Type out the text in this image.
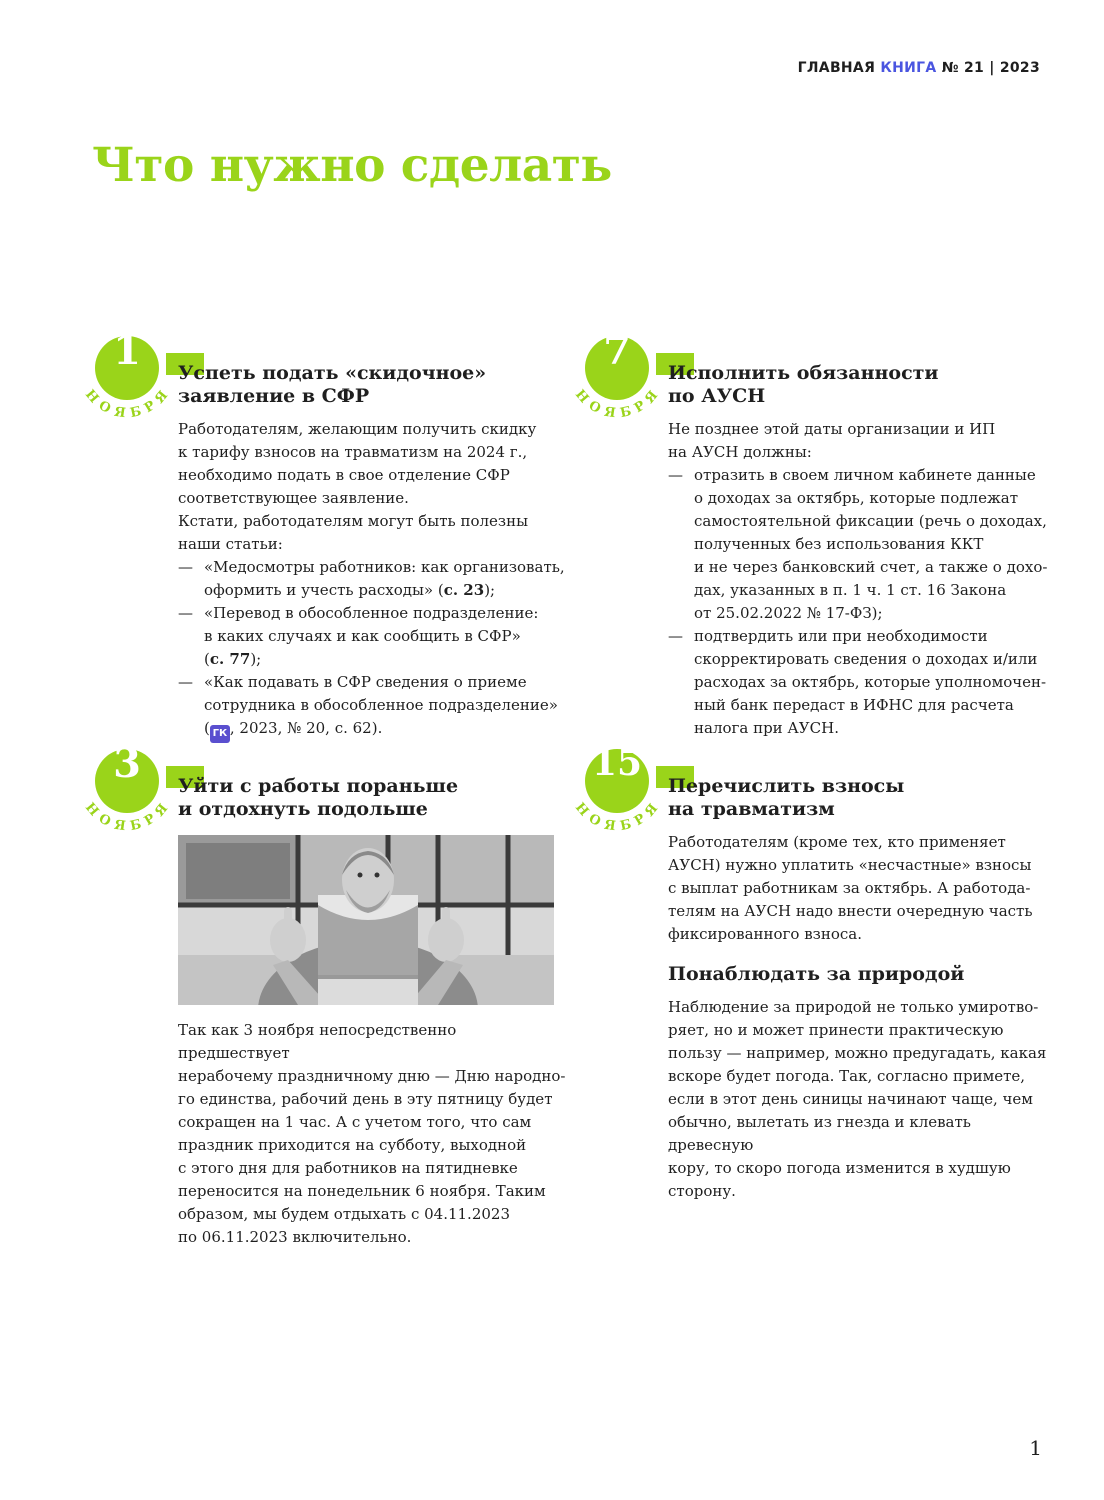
ГЛАВНАЯ КНИГА № 21 | 2023
Что нужно сделать
НОЯБРЯ
1	Успеть подать «скидочное»
заявление в СФР

Работодателям, желающим получить скидку
к тарифу взносов на травматизм на 2024 г.,
необходимо подать в свое отделение СФР
соответствующее заявление.

Кстати, работодателям могут быть полезны
наши статьи:

— «Медосмотры работников: как организовать,
оформить и учесть расходы» (с. 23);
— «Перевод в обособленное подразделение:
в каких случаях и как сообщить в СФР»
(с. 77);
— «Как подавать в СФР сведения о приеме
сотрудника в обособленное подразделение»
( ГК , 2023, № 20, с. 62).
НОЯБРЯ
7	Исполнить обязанности
по АУСН

Не позднее этой даты организации и ИП
на АУСН должны:

— отразить в своем личном кабинете данные
о доходах за октябрь, которые подлежат
самостоятельной фиксации (речь о доходах,
полученных без использования ККТ
и не через банковский счет, а также о дохо-
дах, указанных в п. 1 ч. 1 ст. 16 Закона
от 25.02.2022 № 17-ФЗ);
— подтвердить или при необходимости
скорректировать сведения о доходах и/или
расходах за октябрь, которые уполномочен-
ный банк передаст в ИФНС для расчета
налога при АУСН.
НОЯБРЯ
3	Уйти с работы пораньше
и отдохнуть подольше

Так как 3 ноября непосредственно предшествует
нерабочему праздничному дню — Дню народно-
го единства, рабочий день в эту пятницу будет
сокращен на 1 час. А с учетом того, что сам
праздник приходится на субботу, выходной
с этого дня для работников на пятидневке
переносится на понедельник 6 ноября. Таким
образом, мы будем отдыхать с 04.11.2023
по 06.11.2023 включительно.

НОЯБРЯ
15
Перечислить взносы
на травматизм

Работодателям (кроме тех, кто применяет
АУСН) нужно уплатить «несчастные» взносы
с выплат работникам за октябрь. А работода-
телям на АУСН надо внести очередную часть
фиксированного взноса.

Понаблюдать за природой

Наблюдение за природой не только умиротво-
ряет, но и может принести практическую
пользу — например, можно предугадать, какая
вскоре будет погода. Так, согласно примете,
если в этот день синицы начинают чаще, чем
обычно, вылетать из гнезда и клевать древесную
кору, то скоро погода изменится в худшую
сторону.

1
